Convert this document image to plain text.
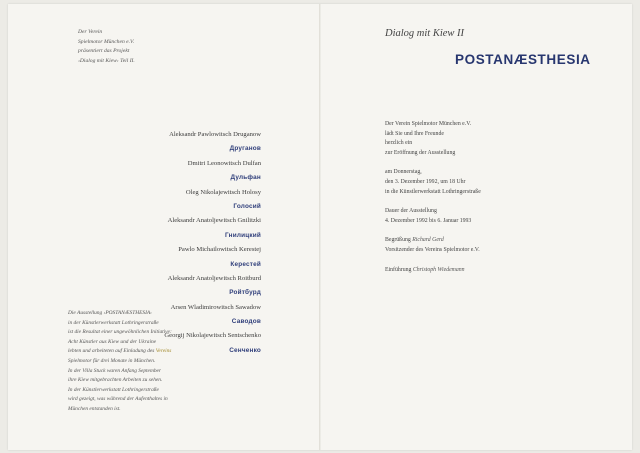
Der Verein
Spielmotor München e.V.
präsentiert das Projekt
›Dialog mit Kiew‹ Teil II.
Aleksandr Pawlowitsch Druganow
Друганов
Dmitri Leonowitsch Dulfan
Дульфан
Oleg Nikolajewitsch Holosy
Голосий
Aleksandr Anatoljewitsch Gnilitzki
Гнилицкий
Pawlo Michailowitsch Kerestej
Керестей
Aleksandr Anatoljewitsch Roitburd
Ройтбурд
Arsen Wladimirowitsch Sawadow
Саводов
Georgij Nikolajewitsch Sentschenko
Сенченко
Die Ausstellung ›POSTANÆSTHESIA‹
in der Künstlerwerkstatt Lothringerstraße
ist die Resultat einer ungewöhnlichen Initiative:
Acht Künstler aus Kiew und der Ukraine
lebten und arbeiteten auf Einladung des Vereins
Spielmotor für drei Monate in München.
In der Villa Stuck waren Anfang September
ihre Kiew mitgebrachten Arbeiten zu sehen.
In der Künstlerwerkstatt Lothringerstraße
wird gezeigt, was während der Aufenthaltes in
München entstanden ist.
Dialog mit Kiew II
POSTANÆSTHESIA
Der Verein Spielmotor München e.V.
lädt Sie und Ihre Freunde
herzlich ein
zur Eröffnung der Ausstellung
am Donnerstag,
den 3. Dezember 1992, um 18 Uhr
in die Künstlerwerkstatt Lothringerstraße
Dauer der Ausstellung
4. Dezember 1992 bis 6. Januar 1993
Begrüßung Richard Gerd
Vorsitzender des Vereins Spielmotor e.V.
Einführung Christoph Wiedemann
